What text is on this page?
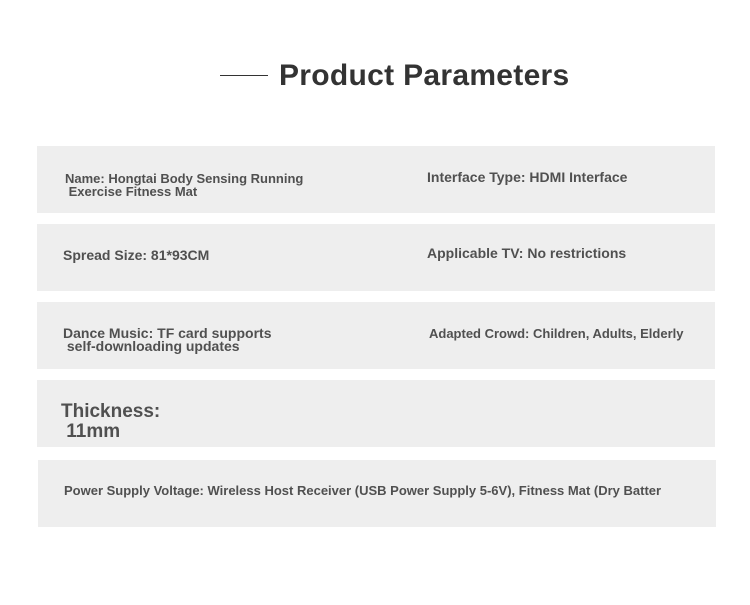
Product Parameters
Name: Hongtai Body Sensing Running
Exercise Fitness Mat
Interface Type: HDMI Interface
Spread Size: 81*93CM	Applicable TV: No restrictions
Dance Music: TF card supports
self-downloading updates
Adapted Crowd: Children, Adults, Elderly
Thickness:
11mm
Power Supply Voltage: Wireless Host Receiver (USB Power Supply 5-6V), Fitness Mat (Dry Batter
